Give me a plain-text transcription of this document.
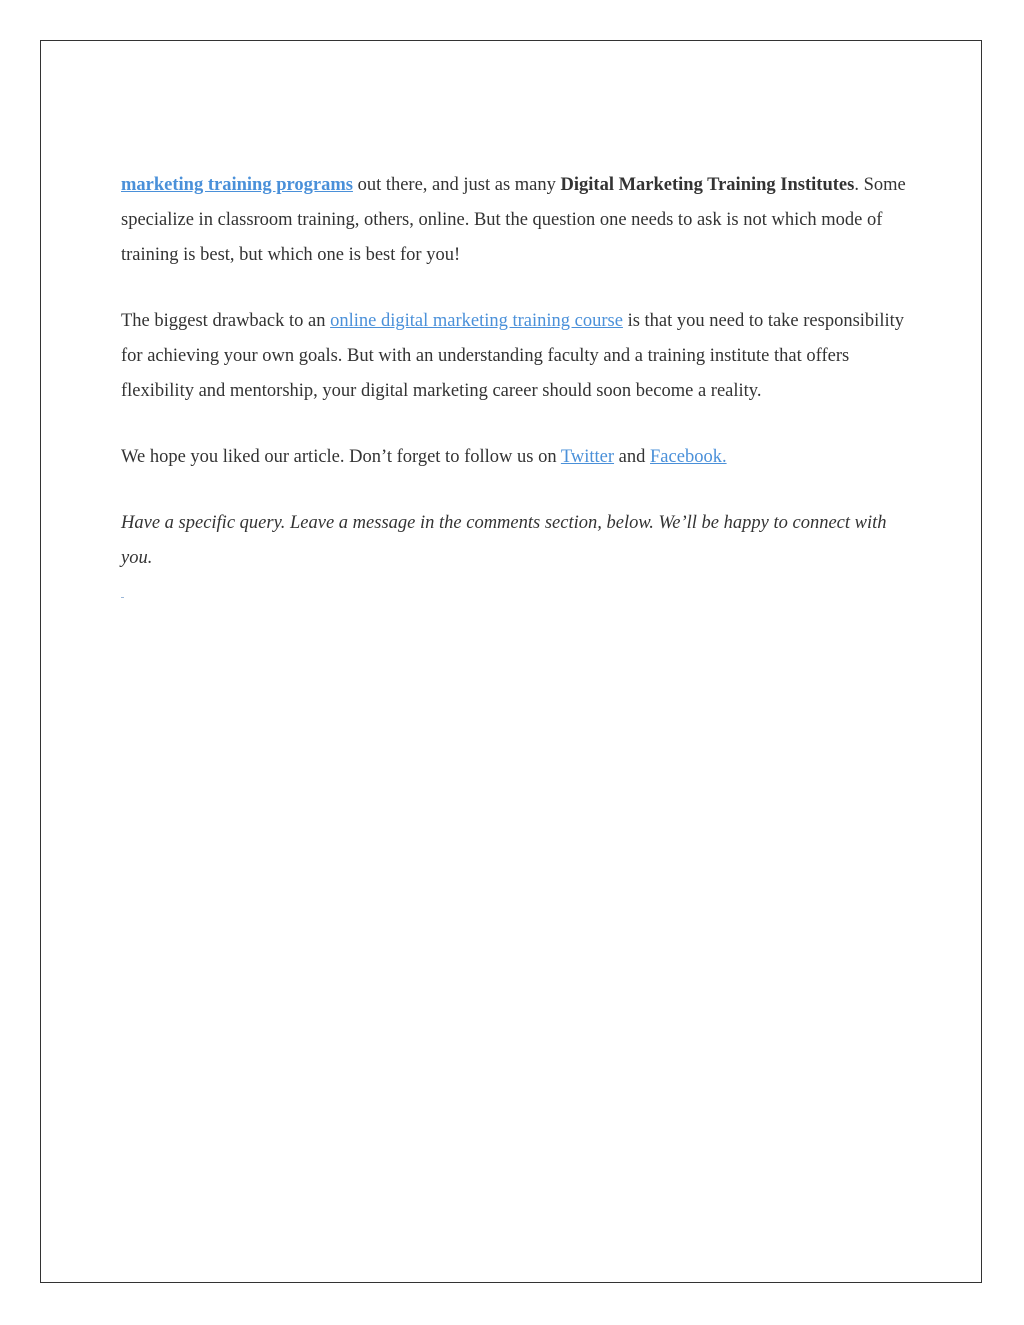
marketing training programs out there, and just as many Digital Marketing Training Institutes. Some specialize in classroom training, others, online. But the question one needs to ask is not which mode of training is best, but which one is best for you!

The biggest drawback to an online digital marketing training course is that you need to take responsibility for achieving your own goals. But with an understanding faculty and a training institute that offers flexibility and mentorship, your digital marketing career should soon become a reality.

We hope you liked our article. Don’t forget to follow us on Twitter and Facebook.

Have a specific query. Leave a message in the comments section, below. We’ll be happy to connect with you.
